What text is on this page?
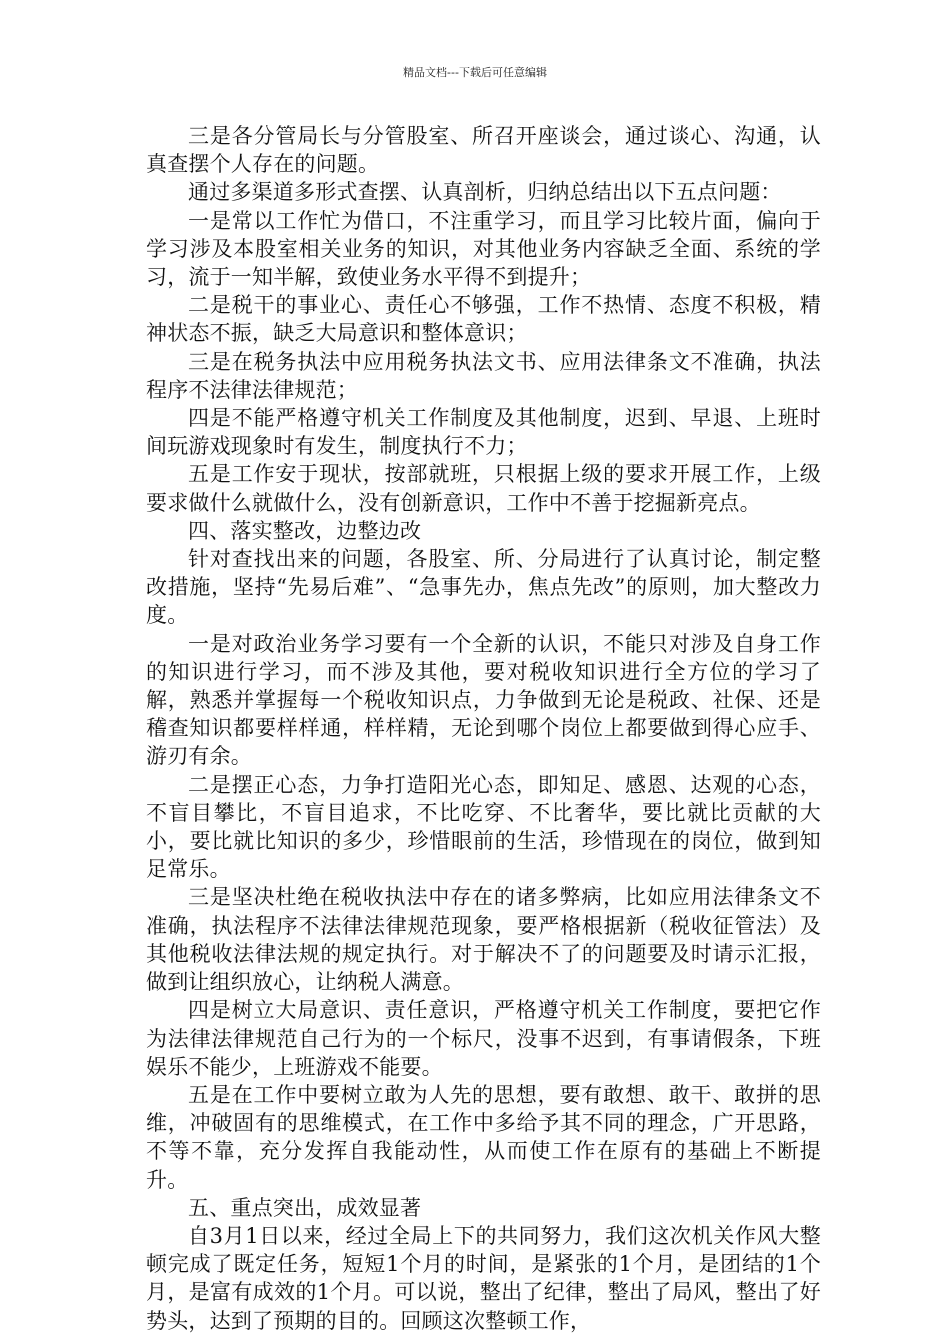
精品文档---下载后可任意编辑

三是各分管局长与分管股室、所召开座谈会，通过谈心、沟通，认真查摆个人存在的问题。

通过多渠道多形式查摆、认真剖析，归纳总结出以下五点问题：

一是常以工作忙为借口，不注重学习，而且学习比较片面，偏向于学习涉及本股室相关业务的知识，对其他业务内容缺乏全面、系统的学习，流于一知半解，致使业务水平得不到提升；

二是税干的事业心、责任心不够强，工作不热情、态度不积极，精神状态不振，缺乏大局意识和整体意识；

三是在税务执法中应用税务执法文书、应用法律条文不准确，执法程序不法律法律规范；

四是不能严格遵守机关工作制度及其他制度，迟到、早退、上班时间玩游戏现象时有发生，制度执行不力；

五是工作安于现状，按部就班，只根据上级的要求开展工作，上级要求做什么就做什么，没有创新意识，工作中不善于挖掘新亮点。

四、落实整改，边整边改

针对查找出来的问题，各股室、所、分局进行了认真讨论，制定整改措施，坚持“先易后难”、“急事先办，焦点先改”的原则，加大整改力度。

一是对政治业务学习要有一个全新的认识，不能只对涉及自身工作的知识进行学习，而不涉及其他，要对税收知识进行全方位的学习了解，熟悉并掌握每一个税收知识点，力争做到无论是税政、社保、还是稽查知识都要样样通，样样精，无论到哪个岗位上都要做到得心应手、游刃有余。

二是摆正心态，力争打造阳光心态，即知足、感恩、达观的心态，不盲目攀比，不盲目追求，不比吃穿、不比奢华，要比就比贡献的大小，要比就比知识的多少，珍惜眼前的生活，珍惜现在的岗位，做到知足常乐。

三是坚决杜绝在税收执法中存在的诸多弊病，比如应用法律条文不准确，执法程序不法律法律规范现象，要严格根据新（税收征管法）及其他税收法律法规的规定执行。对于解决不了的问题要及时请示汇报，做到让组织放心，让纳税人满意。

四是树立大局意识、责任意识，严格遵守机关工作制度，要把它作为法律法律规范自己行为的一个标尺，没事不迟到，有事请假条，下班娱乐不能少，上班游戏不能要。

五是在工作中要树立敢为人先的思想，要有敢想、敢干、敢拼的思维，冲破固有的思维模式，在工作中多给予其不同的理念，广开思路，不等不靠，充分发挥自我能动性，从而使工作在原有的基础上不断提升。

五、重点突出，成效显著

自3月1日以来，经过全局上下的共同努力，我们这次机关作风大整顿完成了既定任务，短短1个月的时间，是紧张的1个月，是团结的1个月，是富有成效的1个月。可以说，整出了纪律，整出了局风，整出了好势头，达到了预期的目的。回顾这次整顿工作，
